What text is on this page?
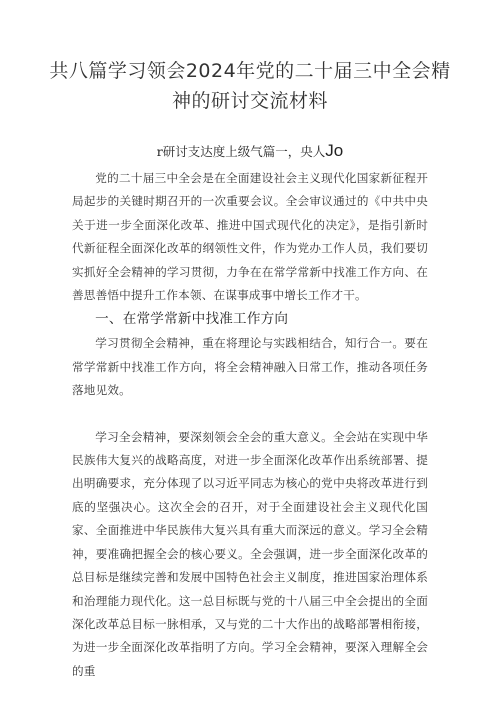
共八篇学习领会2024年党的二十届三中全会精神的研讨交流材料
r研讨支达度上级气篇一，央人Jo

党的二十届三中全会是在全面建设社会主义现代化国家新征程开局起步的关键时期召开的一次重要会议。全会审议通过的《中共中央关于进一步全面深化改革、推进中国式现代化的决定》，是指引新时代新征程全面深化改革的纲领性文件，作为党办工作人员，我们要切实抓好全会精神的学习贯彻，力争在在常学常新中找准工作方向、在善思善悟中提升工作本领、在谋事成事中增长工作才干。

一、在常学常新中找准工作方向

学习贯彻全会精神，重在将理论与实践相结合，知行合一。要在常学常新中找准工作方向，将全会精神融入日常工作，推动各项任务落地见效。

学习全会精神，要深刻领会全会的重大意义。全会站在实现中华民族伟大复兴的战略高度，对进一步全面深化改革作出系统部署、提出明确要求，充分体现了以习近平同志为核心的党中央将改革进行到底的坚强决心。这次全会的召开，对于全面建设社会主义现代化国家、全面推进中华民族伟大复兴具有重大而深远的意义。学习全会精神，要准确把握全会的核心要义。全会强调，进一步全面深化改革的总目标是继续完善和发展中国特色社会主义制度，推进国家治理体系和治理能力现代化。这一总目标既与党的十八届三中全会提出的全面深化改革总目标一脉相承，又与党的二十大作出的战略部署相衔接，为进一步全面深化改革指明了方向。学习全会精神，要深入理解全会的重
